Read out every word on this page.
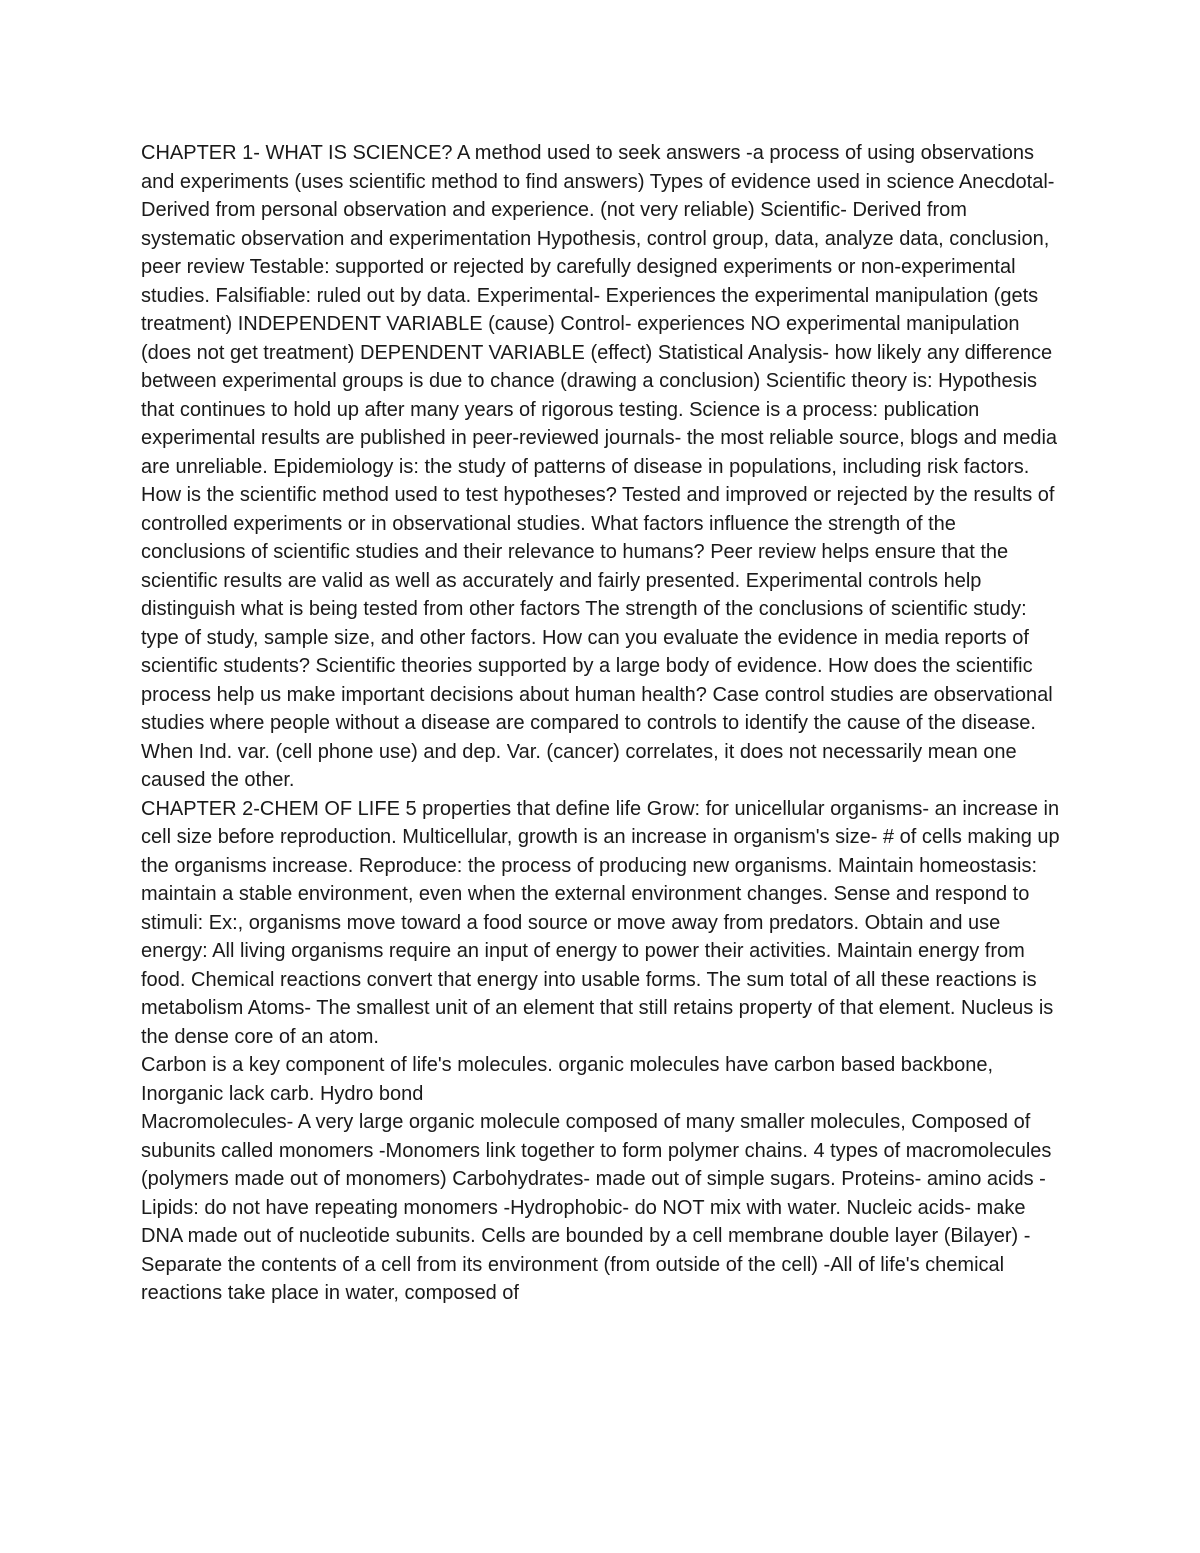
CHAPTER 1- WHAT IS SCIENCE? A method used to seek answers -a process of using observations and experiments (uses scientific method to find answers) Types of evidence used in science Anecdotal- Derived from personal observation and experience. (not very reliable) Scientific- Derived from systematic observation and experimentation Hypothesis, control group, data, analyze data, conclusion, peer review Testable: supported or rejected by carefully designed experiments or non-experimental studies. Falsifiable: ruled out by data. Experimental- Experiences the experimental manipulation (gets treatment) INDEPENDENT VARIABLE (cause) Control- experiences NO experimental manipulation (does not get treatment) DEPENDENT VARIABLE (effect) Statistical Analysis- how likely any difference between experimental groups is due to chance (drawing a conclusion) Scientific theory is: Hypothesis that continues to hold up after many years of rigorous testing. Science is a process: publication experimental results are published in peer-reviewed journals- the most reliable source, blogs and media are unreliable. Epidemiology is: the study of patterns of disease in populations, including risk factors. How is the scientific method used to test hypotheses? Tested and improved or rejected by the results of controlled experiments or in observational studies. What factors influence the strength of the conclusions of scientific studies and their relevance to humans? Peer review helps ensure that the scientific results are valid as well as accurately and fairly presented. Experimental controls help distinguish what is being tested from other factors The strength of the conclusions of scientific study: type of study, sample size, and other factors. How can you evaluate the evidence in media reports of scientific students? Scientific theories supported by a large body of evidence. How does the scientific process help us make important decisions about human health? Case control studies are observational studies where people without a disease are compared to controls to identify the cause of the disease. When Ind. var. (cell phone use) and dep. Var. (cancer) correlates, it does not necessarily mean one caused the other.

CHAPTER 2-CHEM OF LIFE 5 properties that define life Grow: for unicellular organisms- an increase in cell size before reproduction. Multicellular, growth is an increase in organism's size- # of cells making up the organisms increase. Reproduce: the process of producing new organisms. Maintain homeostasis: maintain a stable environment, even when the external environment changes. Sense and respond to stimuli: Ex:, organisms move toward a food source or move away from predators. Obtain and use energy: All living organisms require an input of energy to power their activities. Maintain energy from food. Chemical reactions convert that energy into usable forms. The sum total of all these reactions is metabolism Atoms- The smallest unit of an element that still retains property of that element. Nucleus is the dense core of an atom.

Carbon is a key component of life's molecules. organic molecules have carbon based backbone, Inorganic lack carb. Hydro bond

Macromolecules- A very large organic molecule composed of many smaller molecules, Composed of subunits called monomers -Monomers link together to form polymer chains. 4 types of macromolecules (polymers made out of monomers) Carbohydrates- made out of simple sugars. Proteins- amino acids -Lipids: do not have repeating monomers -Hydrophobic- do NOT mix with water. Nucleic acids- make DNA made out of nucleotide subunits. Cells are bounded by a cell membrane double layer (Bilayer) -Separate the contents of a cell from its environment (from outside of the cell) -All of life's chemical reactions take place in water, composed of
